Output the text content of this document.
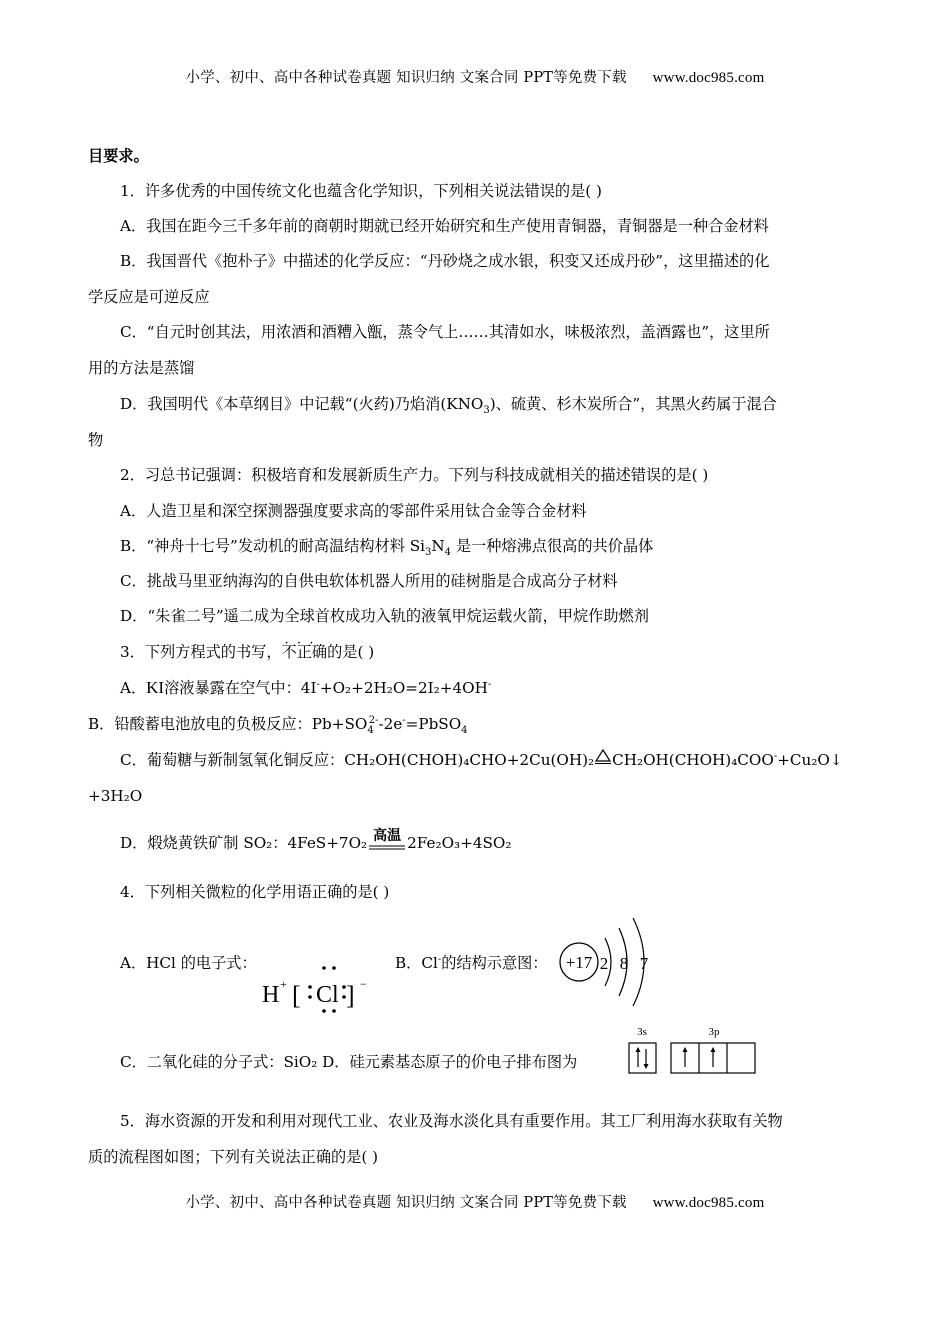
小学、初中、高中各种试卷真题 知识归纳 文案合同 PPT等免费下载 www.doc985.com
目要求。
1．许多优秀的中国传统文化也蕴含化学知识，下列相关说法错误的是( )
A．我国在距今三千多年前的商朝时期就已经开始研究和生产使用青铜器，青铜器是一种合金材料
B．我国晋代《抱朴子》中描述的化学反应：“丹砂烧之成水银，积变又还成丹砂”，这里描述的化
学反应是可逆反应
C．“自元时创其法，用浓酒和酒糟入甑，蒸令气上……其清如水，味极浓烈，盖酒露也”，这里所
用的方法是蒸馏
D．我国明代《本草纲目》中记载“(火药)乃焰消$(KNO_3)$、硫黄、杉木炭所合”，其黑火药属于混合
物
2．习总书记强调：积极培育和发展新质生产力。下列与科技成就相关的描述错误的是( )
A．人造卫星和深空探测器强度要求高的零部件采用钛合金等合金材料
B．“神舟十七号”发动机的耐高温结构材料 $Si_3N_4$ 是一种熔沸点很高的共价晶体
C．挑战马里亚纳海沟的自供电软体机器人所用的硅树脂是合成高分子材料
D．“朱雀二号”遥二成为全球首枚成功入轨的液氧甲烷运载火箭，甲烷作助燃剂
3．下列方程式的书写，· · · 不正确的是( )
A．KI溶液暴露在空气中：4I-+O₂+2H₂O=2I₂+4OH-
B．铅酸蓄电池放电的负极反应：$Pb+SO_4^{2-}-2e^-=PbSO_4$
C．葡萄糖与新制氢氧化铜反应：CH₂OH(CHOH)₄CHO+2Cu(OH)₂ CH₂OH(CHOH)₄COO-+Cu₂O↓
+3H₂O
D．煅烧黄铁矿制 SO₂：4FeS+7O₂ 高温 2Fe₂O₃+4SO₂
4．下列相关微粒的化学用语正确的是( )
A．HCl 的电子式：
H + [ Cl ] −
B．Cl-的结构示意图：	+17 2 8 7
C．二氧化硅的分子式：SiO₂ D．硅元素基态原子的价电子排布图为
3s	3p
5．海水资源的开发和利用对现代工业、农业及海水淡化具有重要作用。其工厂利用海水获取有关物
质的流程图如图；下列有关说法正确的是( )
小学、初中、高中各种试卷真题 知识归纳 文案合同 PPT等免费下载 www.doc985.com
